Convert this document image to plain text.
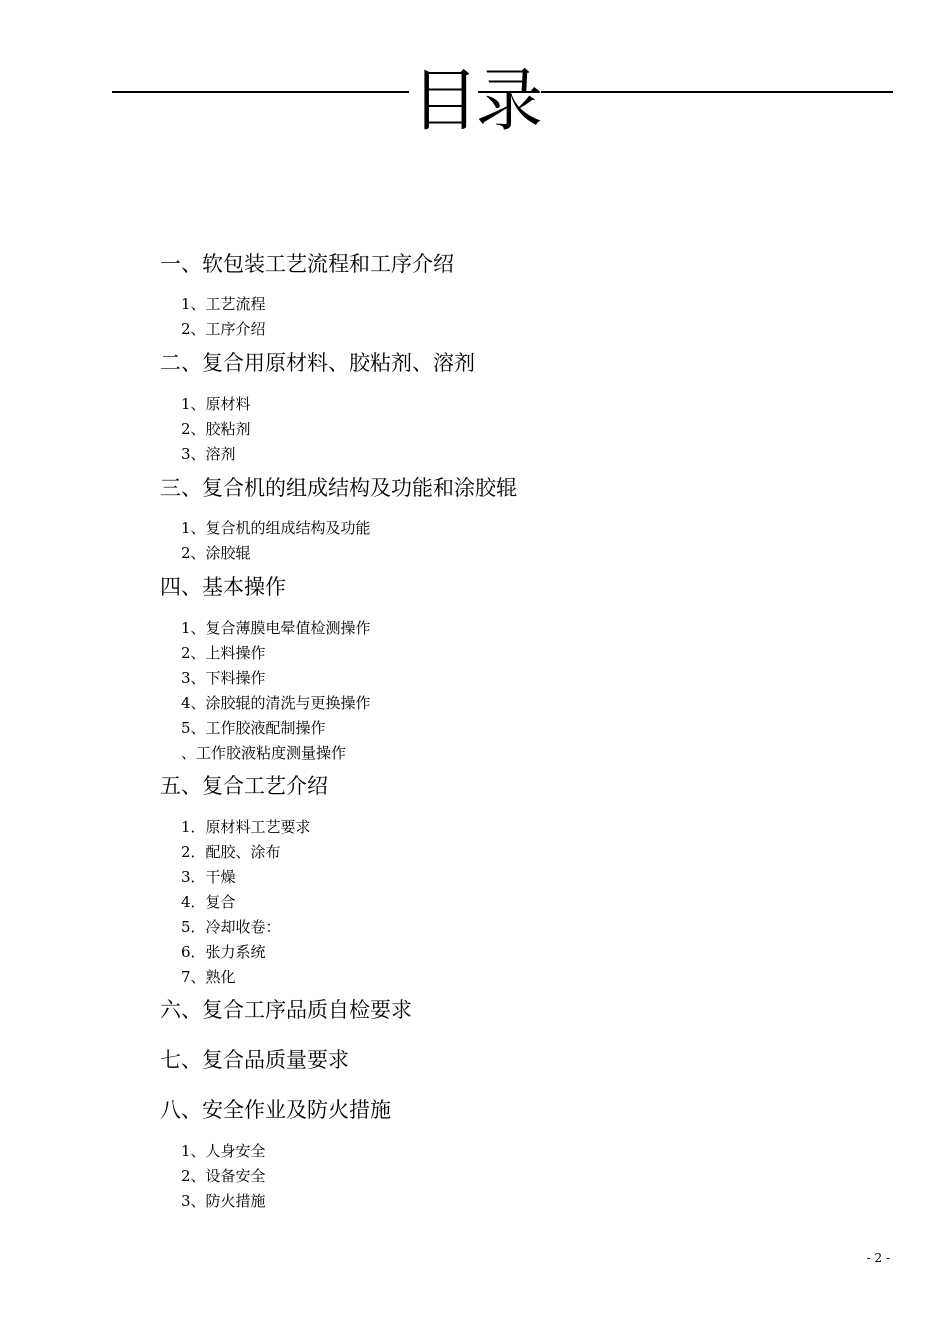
目录
一、软包装工艺流程和工序介绍
1、工艺流程
2、工序介绍
二、复合用原材料、胶粘剂、溶剂
1、原材料
2、胶粘剂
3、溶剂
三、复合机的组成结构及功能和涂胶辊
1、复合机的组成结构及功能
2、涂胶辊
四、基本操作
1、复合薄膜电晕值检测操作
2、上料操作
3、下料操作
4、涂胶辊的清洗与更换操作
5、工作胶液配制操作
、工作胶液粘度测量操作
五、复合工艺介绍
1．原材料工艺要求
2．配胶、涂布
3．干燥
4．复合
5．冷却收卷：
6．张力系统
7、熟化
六、复合工序品质自检要求
七、复合品质量要求
八、安全作业及防火措施
1、人身安全
2、设备安全
3、防火措施
- 2 -
